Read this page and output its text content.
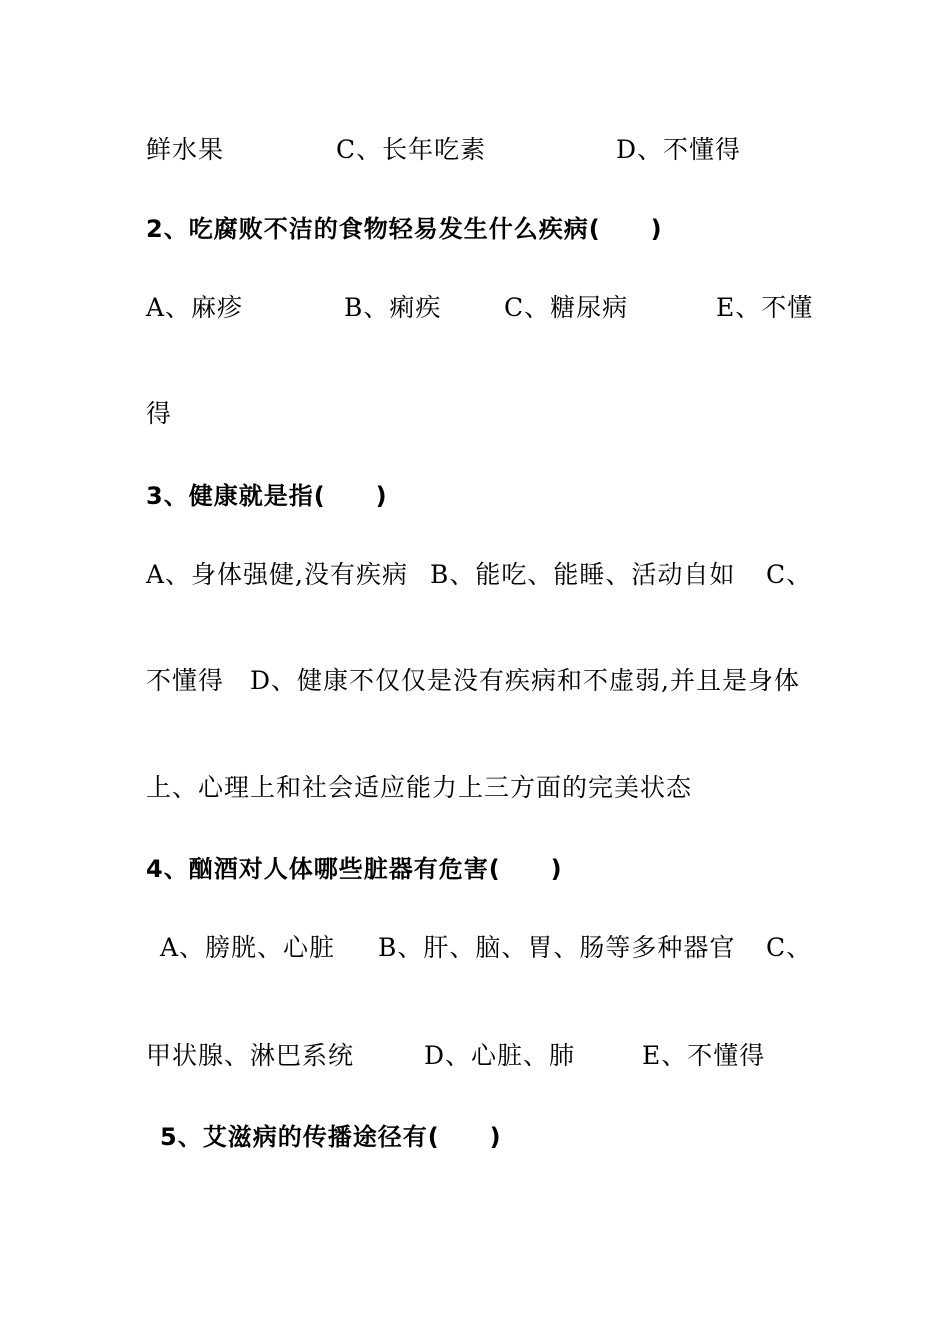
鲜水果	C、长年吃素	D、不懂得
2、吃腐败不洁的食物轻易发生什么疾病(　　)
A、麻疹	B、痢疾	C、糖尿病	E、不懂
得
3、健康就是指(　　)
A、身体强健,没有疾病 B、能吃、能睡、活动自如 C、
不懂得 D、健康不仅仅是没有疾病和不虚弱,并且是身体
上、心理上和社会适应能力上三方面的完美状态
4、酗酒对人体哪些脏器有危害(　　)
A、膀胱、心脏 B、肝、脑、胃、肠等多种器官 C、
甲状腺、淋巴系统	D、心脏、肺	E、不懂得
5、艾滋病的传播途径有(　　)
